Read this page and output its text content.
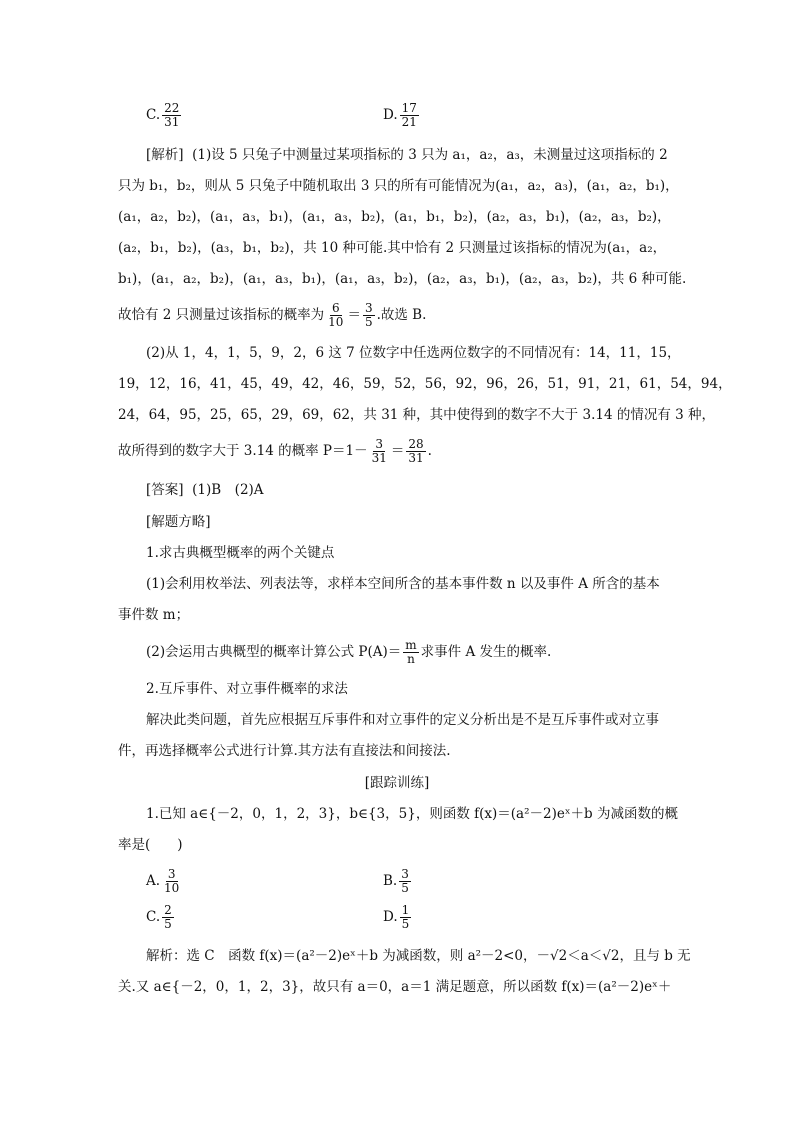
C. $\frac{22}{31}$	D. $\frac{17}{21}$
[解析] (1)设 5 只兔子中测量过某项指标的 3 只为 a₁，a₂，a₃，未测量过这项指标的 2
只为 b₁，b₂，则从 5 只兔子中随机取出 3 只的所有可能情况为(a₁，a₂，a₃)，(a₁，a₂，b₁)，
(a₁，a₂，b₂)，(a₁，a₃，b₁)，(a₁，a₃，b₂)，(a₁，b₁，b₂)，(a₂，a₃，b₁)，(a₂，a₃，b₂)，
(a₂，b₁，b₂)，(a₃，b₁，b₂)，共 10 种可能.其中恰有 2 只测量过该指标的情况为(a₁，a₂，
b₁)，(a₁，a₂，b₂)，(a₁，a₃，b₁)，(a₁，a₃，b₂)，(a₂，a₃，b₁)，(a₂，a₃，b₂)，共 6 种可能.
故恰有 2 只测量过该指标的概率为 $\frac{6}{10} = \frac{3}{5}$ .故选 B.
(2)从 1，4，1，5，9，2，6 这 7 位数字中任选两位数字的不同情况有：14，11，15，
19，12，16，41，45，49，42，46，59，52，56，92，96，26，51，91，21，61，54，94，
24，64，95，25，65，29，69，62，共 31 种，其中使得到的数字不大于 3.14 的情况有 3 种，
故所得到的数字大于 3.14 的概率 $P=1- \frac{3}{31} = \frac{28}{31}$ .
[答案] (1)B　(2)A
[解题方略]
1.求古典概型概率的两个关键点
(1)会利用枚举法、列表法等，求样本空间所含的基本事件数 n 以及事件 A 所含的基本
事件数 m；
(2)会运用古典概型的概率计算公式 $P(A)= \frac{m}{n}$ 求事件 A 发生的概率.
2.互斥事件、对立事件概率的求法
解决此类问题，首先应根据互斥事件和对立事件的定义分析出是不是互斥事件或对立事
件，再选择概率公式进行计算.其方法有直接法和间接法.
[跟踪训练]
1.已知 a∈{－2，0，1，2，3}，b∈{3，5}，则函数 f(x)＝(a²－2)eˣ＋b 为减函数的概
率是(　　)
A. $\frac{3}{10}$	B. $\frac{3}{5}$
C. $\frac{2}{5}$	D. $\frac{1}{5}$
解析：选 C　函数 f(x)＝(a²－2)eˣ＋b 为减函数，则 a²－2<0，－√2＜a＜√2，且与 b 无
关.又 a∈{－2，0，1，2，3}，故只有 a＝0，a＝1 满足题意，所以函数 f(x)＝(a²－2)eˣ＋
